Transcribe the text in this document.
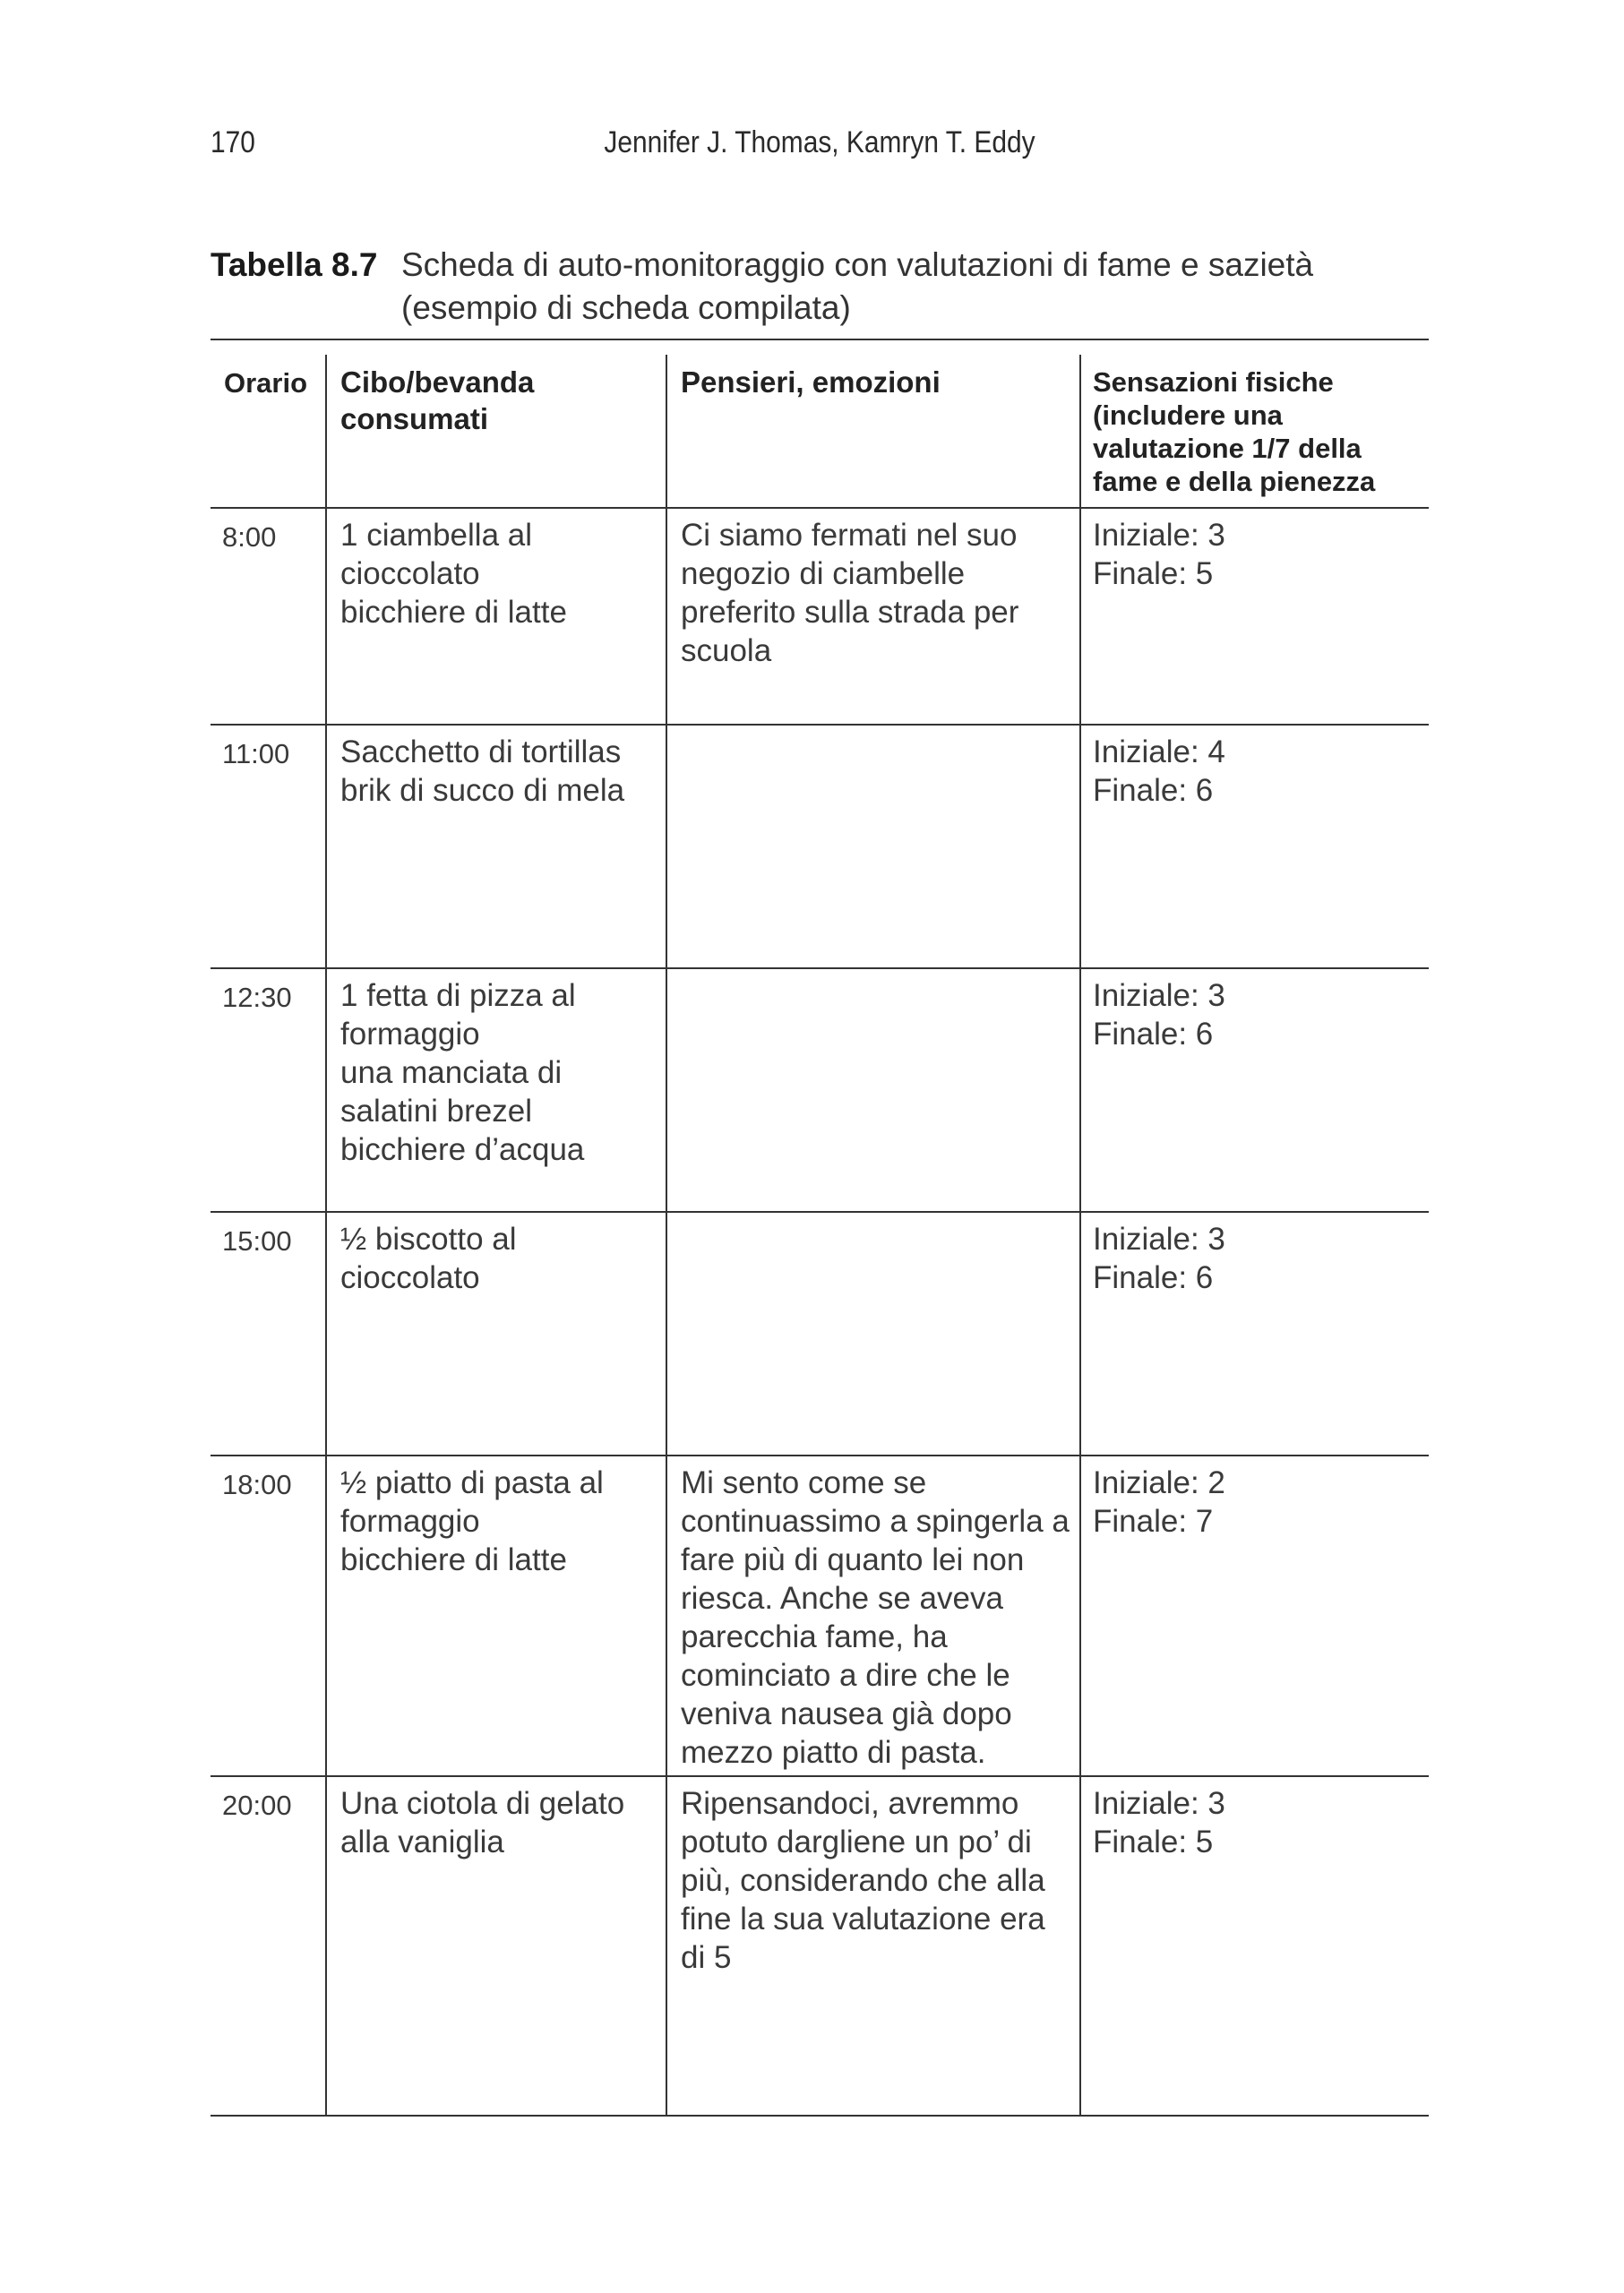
170	Jennifer J. Thomas, Kamryn T. Eddy
Tabella 8.7 Scheda di auto-monitoraggio con valutazioni di fame e sazietà (esempio di scheda compilata)
Orario Cibo/bevanda consumati
Pensieri, emozioni	Sensazioni fisiche (includere una valutazione 1/7 della fame e della pienezza
8:00 1 ciambella al
cioccolato
bicchiere di latte
Ci siamo fermati nel suo negozio di ciambelle preferito sulla strada per scuola
Iniziale: 3
Finale: 5
11:00 Sacchetto di tortillas
brik di succo di mela
Iniziale: 4
Finale: 6
12:30 1 fetta di pizza al
formaggio
una manciata di
salatini brezel
bicchiere d’acqua
Iniziale: 3
Finale: 6
15:00 ½ biscotto al
cioccolato
Iniziale: 3
Finale: 6
18:00 ½ piatto di pasta al
formaggio
bicchiere di latte
Mi sento come se continuassimo a spingerla a fare più di quanto lei non riesca. Anche se aveva parecchia fame, ha cominciato a dire che le veniva nausea già dopo mezzo piatto di pasta.
Iniziale: 2
Finale: 7
20:00 Una ciotola di gelato
alla vaniglia
Ripensandoci, avremmo potuto dargliene un po’ di più, considerando che alla fine la sua valutazione era di 5
Iniziale: 3
Finale: 5
